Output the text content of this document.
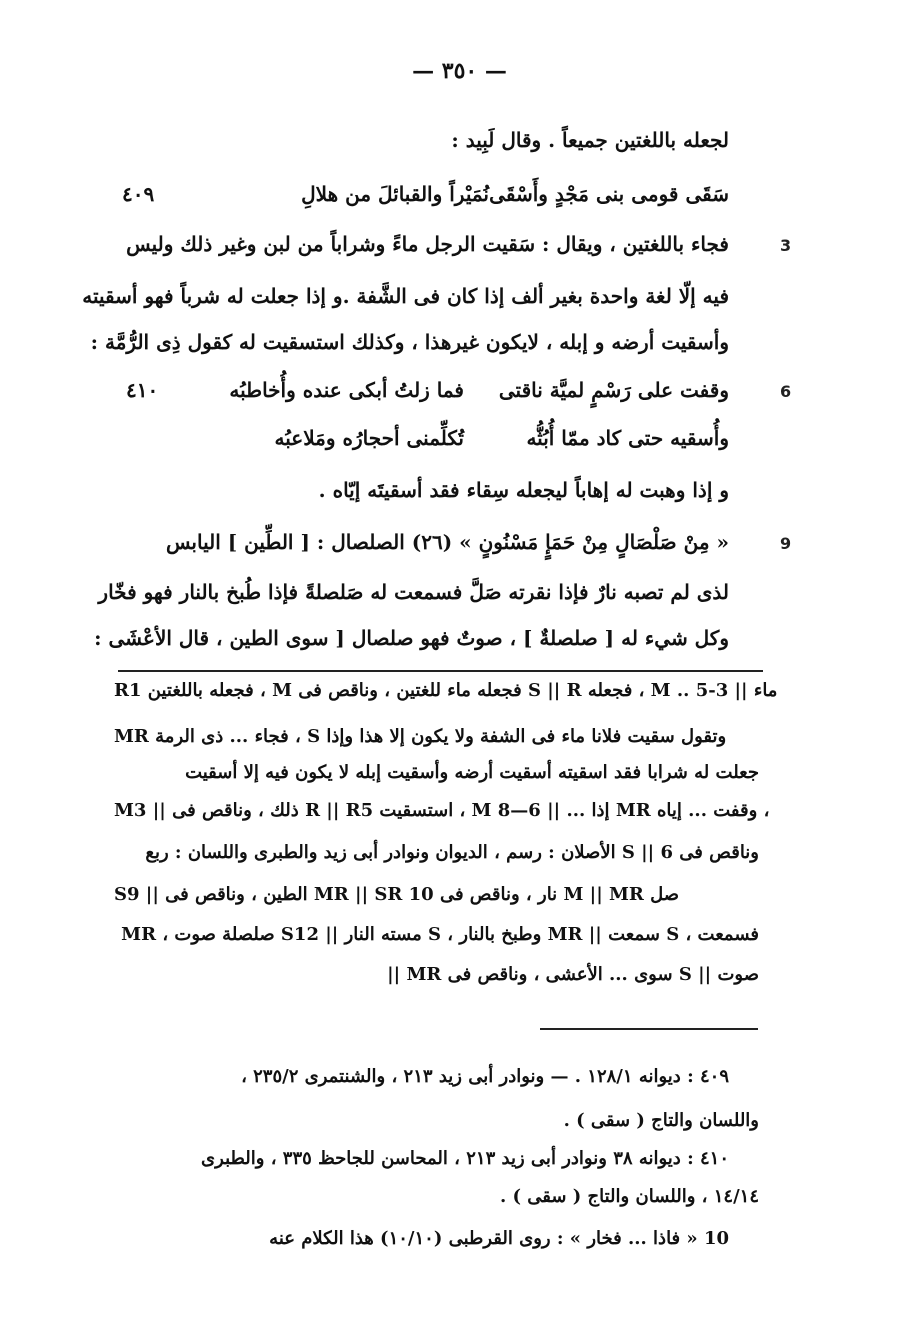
— ٣٥٠ —
لجعله باللغتين جميعاً . وقال لَبِيد :
سَقَى قومى بنى مَجْدٍ وأَسْقَى
نُمَيْراً والقبائلَ من هلالِ
٤٠٩
فجاء باللغتين ، ويقال : سَقيت الرجل ماءً وشراباً من لبن وغير ذلك وليس	3
فيه إلّا لغة واحدة بغير ألف إذا كان فى الشَّفة .و إذا جعلت له شرباً فهو أسقيته
وأسقيت أرضه و إبله ، لايكون غيرهذا ، وكذلك استسقيت له كقول ذِى الرُّمَّة :
وقفت على رَسْمٍ لميَّة ناقتى
فما زلتُ أبكى عنده وأُخاطبُه
٤١٠	6
وأُسقيه حتى كاد ممّا أُبُثُّه
تُكلِّمنى أحجارُه ومَلاعبُه
و إذا وهبت له إهاباً ليجعله سِقاء فقد أسقيتَه إيّاه .
« مِنْ صَلْصَالٍ مِنْ حَمَإٍ مَسْنُونٍ » (٢٦) الصلصال : [ الطِّين ] اليابس	9
لذى لم تصبه نارٌ فإذا نقرته صَلَّ فسمعت له صَلصلةً فإذا طُبخ بالنار فهو فخّار
وكل شيء له [ صلصلةٌ ] ، صوتٌ فهو صلصال [ سوى الطين ، قال الأعْشَى :
R1 فجعله باللغتين ، M فجعله ماء للغتين ، وناقص فى S || R فجعله ، M .. ماء || 3-5
MR فجاء ... ذى الرمة ، S وتقول سقيت فلانا ماء فى الشفة ولا يكون إلا هذا وإذا
جعلت له شرابا فقد اسقيته أسقيت أرضه وأسقيت إبله لا يكون فيه إلا أسقيت
M3 || ذلك ، وناقص فى R || R5 استسقيت ، M إذا ... || 6—8 MR وقفت ... إياه ،
وناقص فى S || 6 الأصلان : رسم ، الديوان ونوادر أبى زيد والطبرى واللسان : ربع
S9 || الطين ، وناقص فى MR || SR 10 نار ، وناقص فى M || MR صل
فسمعت ، S سمعت || MR وطبخ بالنار ، S مسته النار || S12 صلصلة صوت ، MR
صوت || S سوى ... الأعشى ، وناقص فى MR ||
٤٠٩ : ديوانه ١٢٨/١ . — ونوادر أبى زيد ٢١٣ ، والشنتمرى ٢٣٥/٢ ،
واللسان والتاج ( سقى ) .
٤١٠ : ديوانه ٣٨ ونوادر أبى زيد ٢١٣ ، المحاسن للجاحظ ٣٣٥ ، والطبرى
١٤/١٤ ، واللسان والتاج ( سقى ) .
10 « فاذا ... فخار » : روى القرطبى (١٠/١٠) هذا الكلام عنه
